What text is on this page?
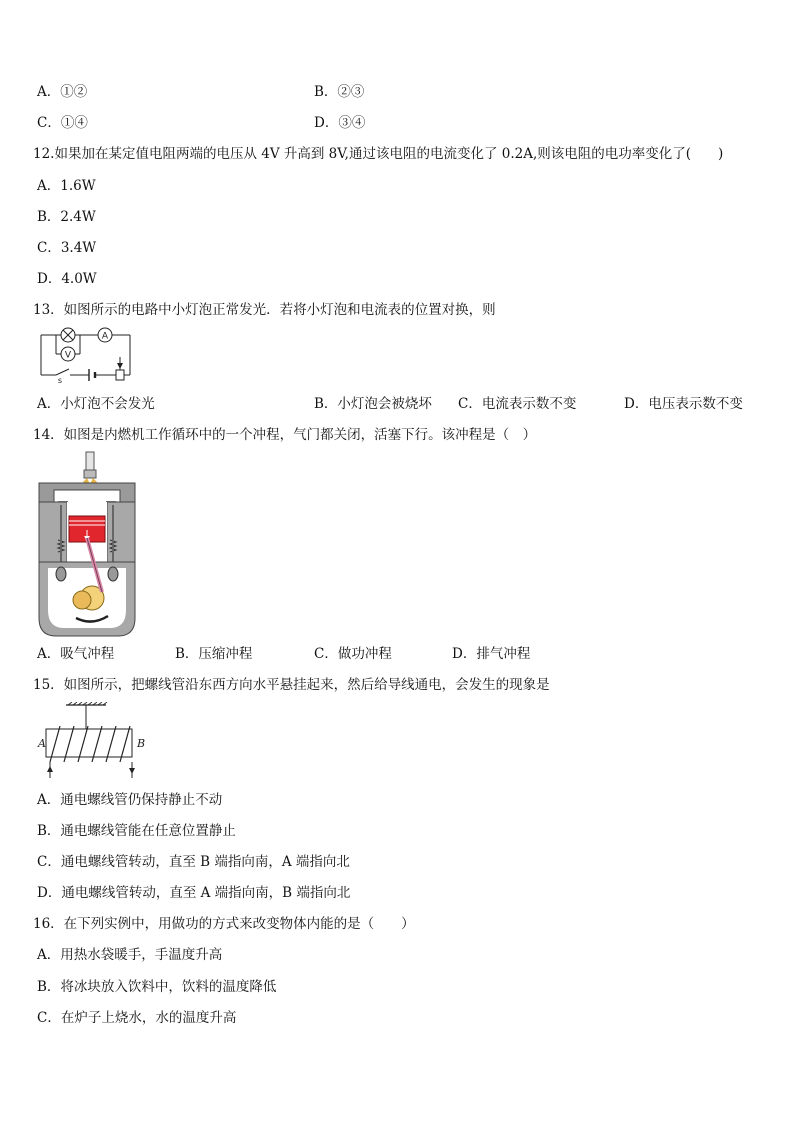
A．①②	B．②③
C．①④	D．③④
12.如果加在某定值电阻两端的电压从 4V 升高到 8V,通过该电阻的电流变化了 0.2A,则该电阻的电功率变化了(　　)
A．1.6W
B．2.4W
C．3.4W
D．4.0W
13．如图所示的电路中小灯泡正常发光．若将小灯泡和电流表的位置对换，则
A
V
s
A．小灯泡不会发光	B．小灯泡会被烧坏 C．电流表示数不变	D．电压表示数不变
14．如图是内燃机工作循环中的一个冲程，气门都关闭，活塞下行。该冲程是（　）
A．吸气冲程	B．压缩冲程	C．做功冲程	D．排气冲程
15．如图所示，把螺线管沿东西方向水平悬挂起来，然后给导线通电，会发生的现象是
A	B
A．通电螺线管仍保持静止不动
B．通电螺线管能在任意位置静止
C．通电螺线管转动，直至 B 端指向南，A 端指向北
D．通电螺线管转动，直至 A 端指向南，B 端指向北
16．在下列实例中，用做功的方式来改变物体内能的是（　　）
A．用热水袋暖手，手温度升高
B．将冰块放入饮料中，饮料的温度降低
C．在炉子上烧水，水的温度升高
